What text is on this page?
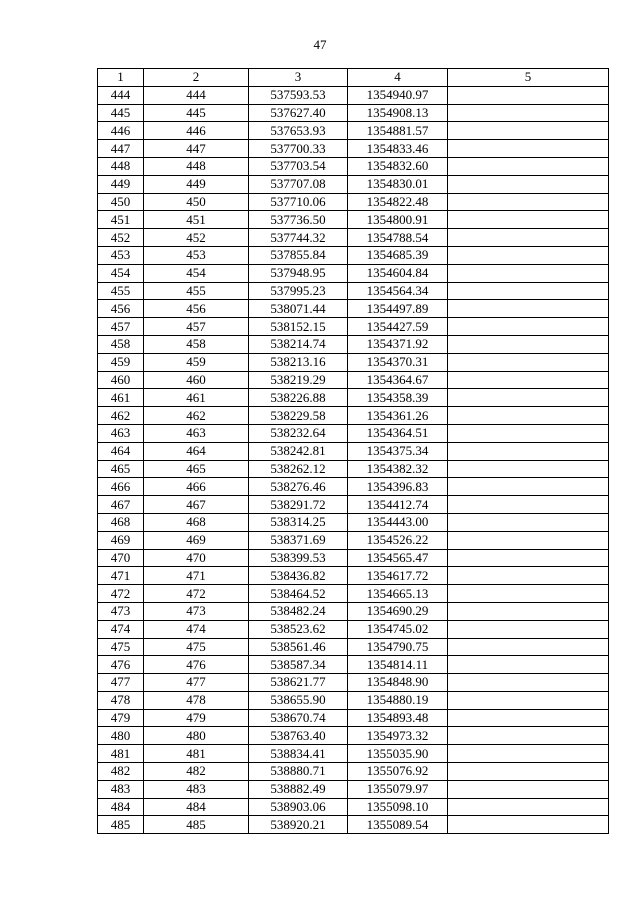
47
1	2	3	4	5
444	444	537593.53	1354940.97	
445	445	537627.40	1354908.13	
446	446	537653.93	1354881.57	
447	447	537700.33	1354833.46	
448	448	537703.54	1354832.60	
449	449	537707.08	1354830.01	
450	450	537710.06	1354822.48	
451	451	537736.50	1354800.91	
452	452	537744.32	1354788.54	
453	453	537855.84	1354685.39	
454	454	537948.95	1354604.84	
455	455	537995.23	1354564.34	
456	456	538071.44	1354497.89	
457	457	538152.15	1354427.59	
458	458	538214.74	1354371.92	
459	459	538213.16	1354370.31	
460	460	538219.29	1354364.67	
461	461	538226.88	1354358.39	
462	462	538229.58	1354361.26	
463	463	538232.64	1354364.51	
464	464	538242.81	1354375.34	
465	465	538262.12	1354382.32	
466	466	538276.46	1354396.83	
467	467	538291.72	1354412.74	
468	468	538314.25	1354443.00	
469	469	538371.69	1354526.22	
470	470	538399.53	1354565.47	
471	471	538436.82	1354617.72	
472	472	538464.52	1354665.13	
473	473	538482.24	1354690.29	
474	474	538523.62	1354745.02	
475	475	538561.46	1354790.75	
476	476	538587.34	1354814.11	
477	477	538621.77	1354848.90	
478	478	538655.90	1354880.19	
479	479	538670.74	1354893.48	
480	480	538763.40	1354973.32	
481	481	538834.41	1355035.90	
482	482	538880.71	1355076.92	
483	483	538882.49	1355079.97	
484	484	538903.06	1355098.10	
485	485	538920.21	1355089.54	
